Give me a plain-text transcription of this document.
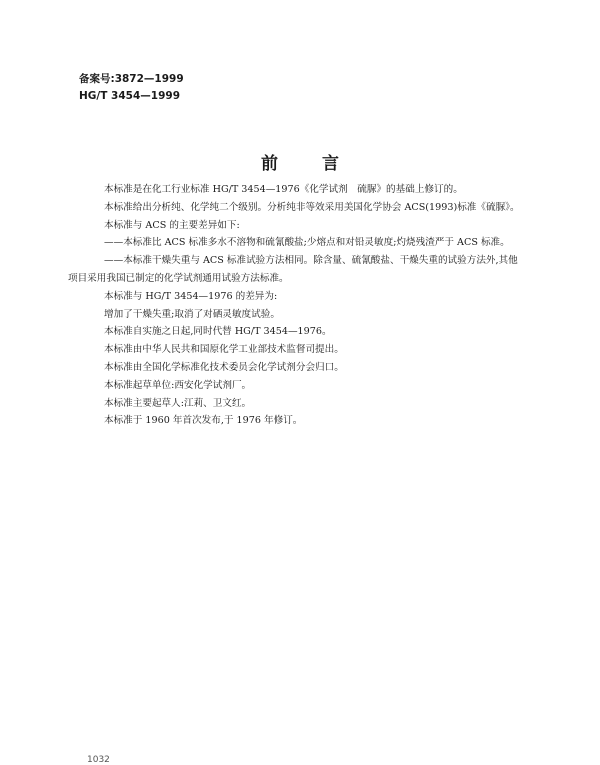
备案号:3872—1999
HG/T 3454—1999
前言
本标准是在化工行业标准 HG/T 3454—1976《化学试剂　硫脲》的基础上修订的。
本标准给出分析纯、化学纯二个级别。分析纯非等效采用美国化学协会 ACS(1993)标准《硫脲》。
本标准与 ACS 的主要差异如下:
——本标准比 ACS 标准多水不溶物和硫氰酸盐;少熔点和对铅灵敏度;灼烧残渣严于 ACS 标准。
——本标准干燥失重与 ACS 标准试验方法相同。除含量、硫氰酸盐、干燥失重的试验方法外,其他
项目采用我国已制定的化学试剂通用试验方法标准。
本标准与 HG/T 3454—1976 的差异为:
增加了干燥失重;取消了对硒灵敏度试验。
本标准自实施之日起,同时代替 HG/T 3454—1976。
本标准由中华人民共和国原化学工业部技术监督司提出。
本标准由全国化学标准化技术委员会化学试剂分会归口。
本标准起草单位:西安化学试剂厂。
本标准主要起草人:江莉、卫文红。
本标准于 1960 年首次发布,于 1976 年修订。
1032
